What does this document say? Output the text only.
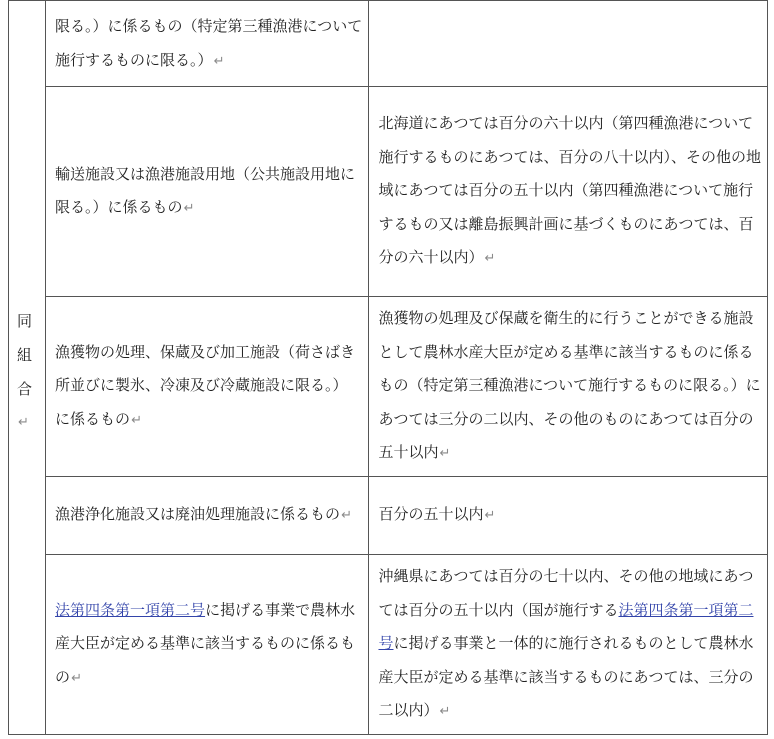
同
組
合
↵	限る。）に係るもの（特定第三種漁港について施行するものに限る。）↵	

	輸送施設又は漁港施設用地（公共施設用地に限る。）に係るもの↵	北海道にあつては百分の六十以内（第四種漁港について施行するものにあつては、百分の八十以内）、その他の地域にあつては百分の五十以内（第四種漁港について施行するもの又は離島振興計画に基づくものにあつては、百分の六十以内）↵

	漁獲物の処理、保蔵及び加工施設（荷さばき所並びに製氷、冷凍及び冷蔵施設に限る。）に係るもの↵	漁獲物の処理及び保蔵を衛生的に行うことができる施設として農林水産大臣が定める基準に該当するものに係るもの（特定第三種漁港について施行するものに限る。）にあつては三分の二以内、その他のものにあつては百分の五十以内↵

	漁港浄化施設又は廃油処理施設に係るもの↵	百分の五十以内↵

	法第四条第一項第二号に掲げる事業で農林水産大臣が定める基準に該当するものに係るもの↵	沖縄県にあつては百分の七十以内、その他の地域にあつては百分の五十以内（国が施行する法第四条第一項第二号に掲げる事業と一体的に施行されるものとして農林水産大臣が定める基準に該当するものにあつては、三分の二以内）↵
